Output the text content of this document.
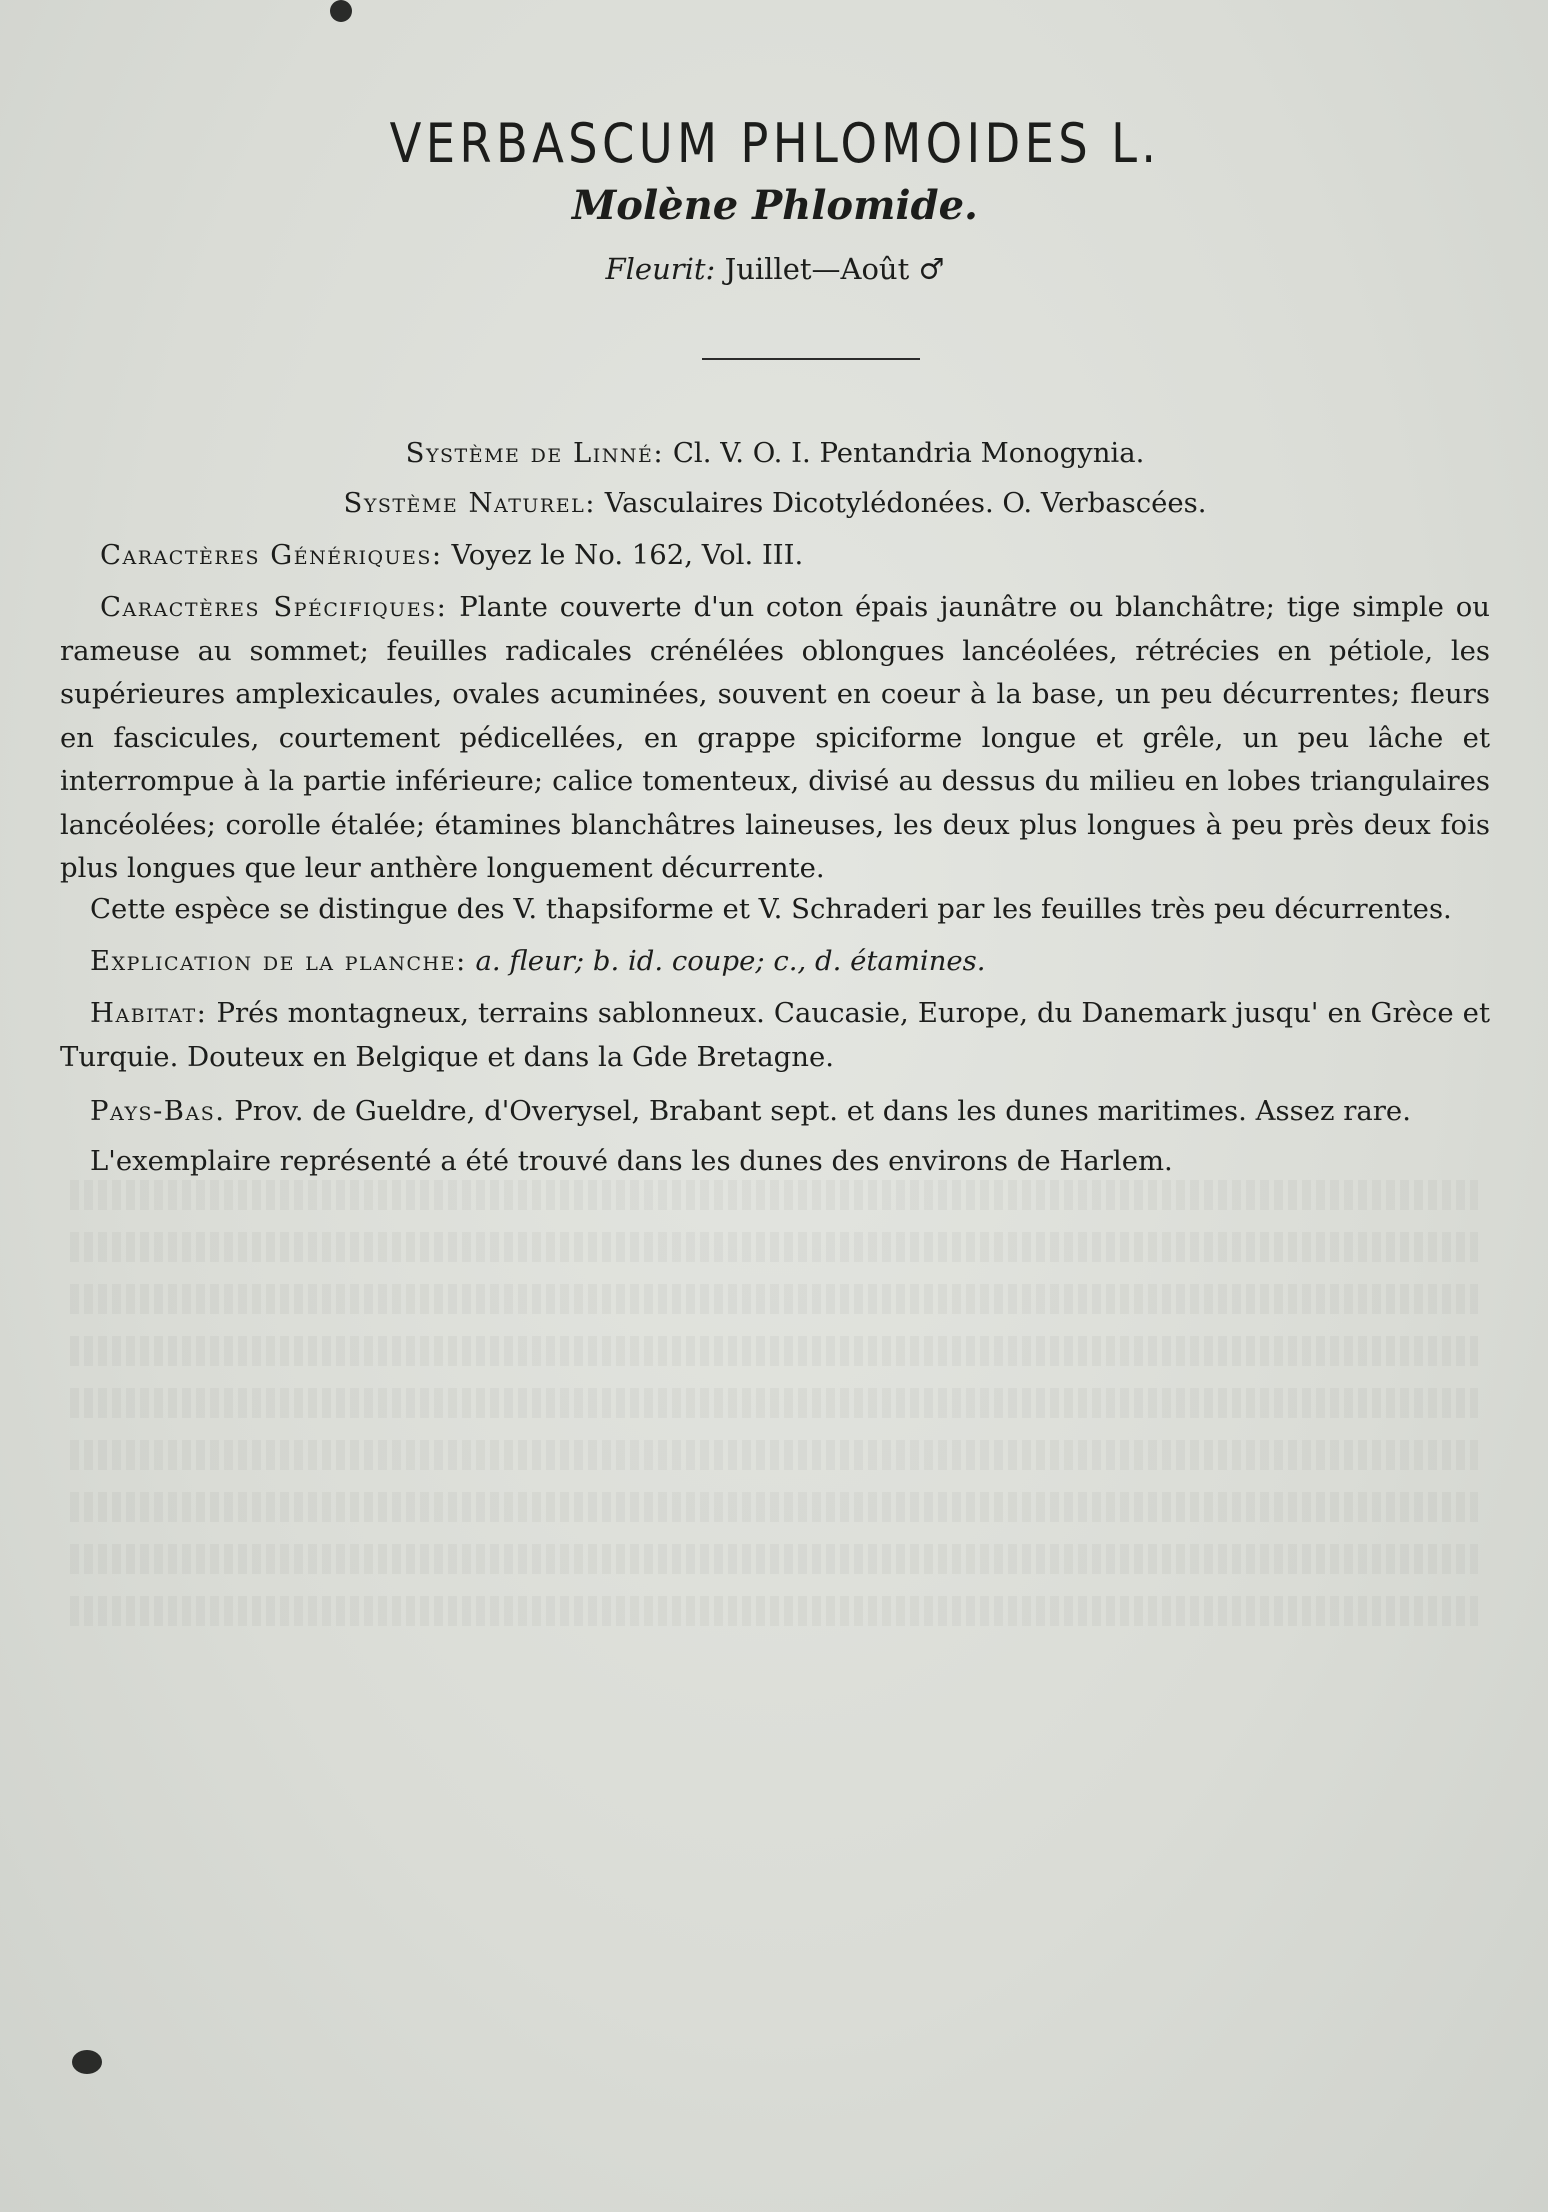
VERBASCUM PHLOMOIDES L.
Molène Phlomide.
Fleurit: Juillet—Août ♂
Système de Linné: Cl. V. O. I. Pentandria Monogynia.
Système Naturel: Vasculaires Dicotylédonées. O. Verbascées.
Caractères Génériques: Voyez le No. 162, Vol. III.
Caractères Spécifiques: Plante couverte d'un coton épais jaunâtre ou blanchâtre; tige simple ou rameuse au sommet; feuilles radicales crénélées oblongues lancéolées, rétrécies en pétiole, les supérieures amplexicaules, ovales acuminées, souvent en coeur à la base, un peu décurrentes; fleurs en fascicules, courtement pédicellées, en grappe spiciforme longue et grêle, un peu lâche et interrompue à la partie inférieure; calice tomenteux, divisé au dessus du milieu en lobes triangulaires lancéolées; corolle étalée; étamines blanchâtres laineuses, les deux plus longues à peu près deux fois plus longues que leur anthère longuement décurrente.
Cette espèce se distingue des V. thapsiforme et V. Schraderi par les feuilles très peu décurrentes.
Explication de la planche: a. fleur; b. id. coupe; c., d. étamines.
Habitat: Prés montagneux, terrains sablonneux. Caucasie, Europe, du Danemark jusqu' en Grèce et Turquie. Douteux en Belgique et dans la Gde Bretagne.
Pays-Bas. Prov. de Gueldre, d'Overysel, Brabant sept. et dans les dunes maritimes. Assez rare.
L'exemplaire représenté a été trouvé dans les dunes des environs de Harlem.
